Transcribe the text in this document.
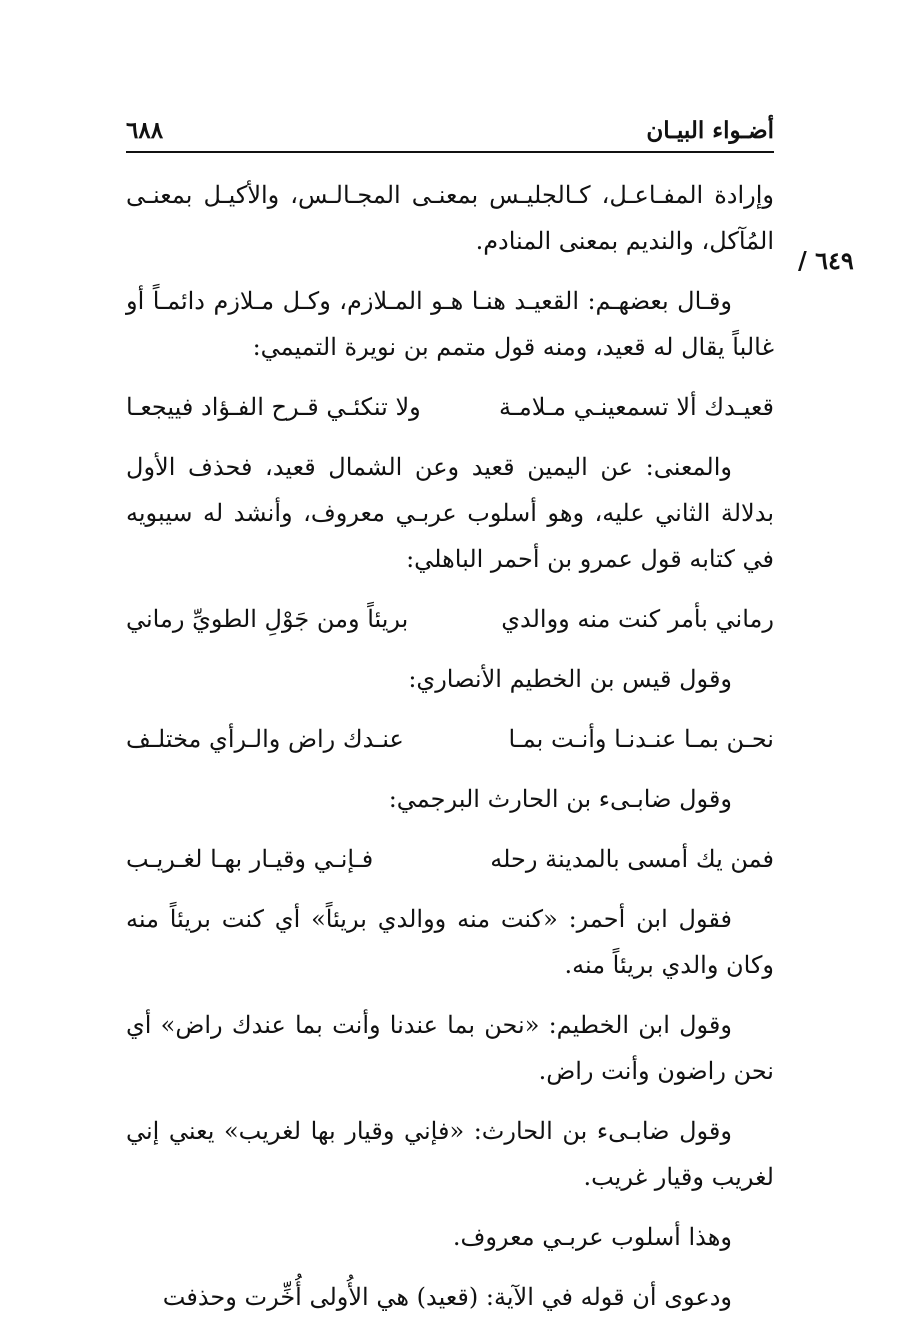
أضـواء البيـان
٦٨٨
٦٤٩ /

وإرادة المفـاعـل، كـالجليـس بمعنـى المجـالـس، والأكيـل بمعنـى المُآكل، والنديم بمعنى المنادم.

وقـال بعضهـم: القعيـد هنـا هـو المـلازم، وكـل مـلازم دائمـاً أو غالباً يقال له قعيد، ومنه قول متمم بن نويرة التميمي:

قعيـدك ألا تسمعينـي مـلامـة
ولا تنكئـي قـرح الفـؤاد فييجعـا

والمعنى: عن اليمين قعيد وعن الشمال قعيد، فحذف الأول بدلالة الثاني عليه، وهو أسلوب عربـي معروف، وأنشد له سيبويه في كتابه قول عمرو بن أحمر الباهلي:

رماني بأمر كنت منه ووالدي
بريئاً ومن جَوْلِ الطويِّ رماني

وقول قيس بن الخطيم الأنصاري:

نحـن بمـا عنـدنـا وأنـت بمـا
عنـدك راض والـرأي مختلـف

وقول ضابـىء بن الحارث البرجمي:

فمن يك أمسى بالمدينة رحله
فـإنـي وقيـار بهـا لغـريـب

فقول ابن أحمر: «كنت منه ووالدي بريئاً» أي كنت بريئاً منه وكان والدي بريئاً منه.

وقول ابن الخطيم: «نحن بما عندنا وأنت بما عندك راض» أي نحن راضون وأنت راض.

وقول ضابـىء بن الحارث: «فإني وقيار بها لغريب» يعني إني لغريب وقيار غريب.

وهذا أسلوب عربـي معروف.

ودعوى أن قوله في الآية: (قعيد) هي الأُولى أُخِّرت وحذفت
